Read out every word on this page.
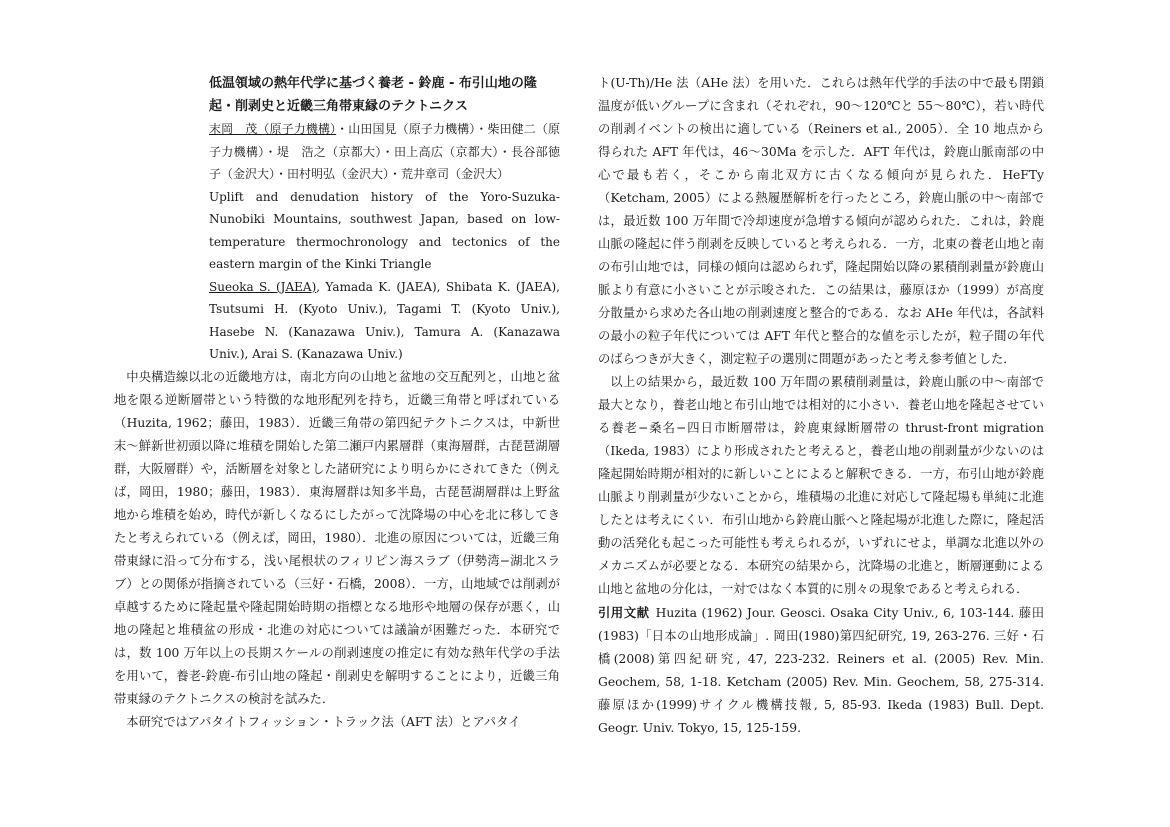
低温領域の熱年代学に基づく養老 - 鈴鹿 - 布引山地の隆起・削剥史と近畿三角帯東縁のテクトニクス

末岡　茂（原子力機構）・山田国見（原子力機構）・柴田健二（原子力機構）・堤　浩之（京都大）・田上高広（京都大）・長谷部徳子（金沢大）・田村明弘（金沢大）・荒井章司（金沢大）

Uplift and denudation history of the Yoro-Suzuka-Nunobiki Mountains, southwest Japan, based on low-temperature thermochronology and tectonics of the eastern margin of the Kinki Triangle

Sueoka S. (JAEA), Yamada K. (JAEA), Shibata K. (JAEA), Tsutsumi H. (Kyoto Univ.), Tagami T. (Kyoto Univ.), Hasebe N. (Kanazawa Univ.), Tamura A. (Kanazawa Univ.), Arai S. (Kanazawa Univ.)

中央構造線以北の近畿地方は，南北方向の山地と盆地の交互配列と，山地と盆地を限る逆断層帯という特徴的な地形配列を持ち，近畿三角帯と呼ばれている（Huzita, 1962；藤田，1983）．近畿三角帯の第四紀テクトニクスは，中新世末〜鮮新世初頭以降に堆積を開始した第二瀬戸内累層群（東海層群，古琵琶湖層群，大阪層群）や，活断層を対象とした諸研究により明らかにされてきた（例えば，岡田，1980；藤田，1983）．東海層群は知多半島，古琵琶湖層群は上野盆地から堆積を始め，時代が新しくなるにしたがって沈降場の中心を北に移してきたと考えられている（例えば，岡田，1980）．北進の原因については，近畿三角帯東縁に沿って分布する，浅い尾根状のフィリピン海スラブ（伊勢湾−湖北スラブ）との関係が指摘されている（三好・石橋，2008）．一方，山地域では削剥が卓越するために隆起量や隆起開始時期の指標となる地形や地層の保存が悪く，山地の隆起と堆積盆の形成・北進の対応については議論が困難だった．本研究では，数 100 万年以上の長期スケールの削剥速度の推定に有効な熱年代学の手法を用いて，養老‐鈴鹿‐布引山地の隆起・削剥史を解明することにより，近畿三角帯東縁のテクトニクスの検討を試みた．

本研究ではアパタイトフィッション・トラック法（AFT 法）とアパタイ

ト(U-Th)/He 法（AHe 法）を用いた．これらは熱年代学的手法の中で最も閉鎖温度が低いグループに含まれ（それぞれ，90〜120℃と 55〜80℃），若い時代の削剥イベントの検出に適している（Reiners et al., 2005）．全 10 地点から得られた AFT 年代は，46〜30Ma を示した．AFT 年代は，鈴鹿山脈南部の中心で最も若く，そこから南北双方に古くなる傾向が見られた．HeFTy（Ketcham, 2005）による熱履歴解析を行ったところ，鈴鹿山脈の中〜南部では，最近数 100 万年間で冷却速度が急増する傾向が認められた．これは，鈴鹿山脈の隆起に伴う削剥を反映していると考えられる．一方，北東の養老山地と南の布引山地では，同様の傾向は認められず，隆起開始以降の累積削剥量が鈴鹿山脈より有意に小さいことが示唆された．この結果は，藤原ほか（1999）が高度分散量から求めた各山地の削剥速度と整合的である．なお AHe 年代は，各試料の最小の粒子年代については AFT 年代と整合的な値を示したが，粒子間の年代のばらつきが大きく，測定粒子の選別に問題があったと考え参考値とした．

以上の結果から，最近数 100 万年間の累積削剥量は，鈴鹿山脈の中〜南部で最大となり，養老山地と布引山地では相対的に小さい．養老山地を隆起させている養老−桑名−四日市断層帯は，鈴鹿東縁断層帯の thrust-front migration（Ikeda, 1983）により形成されたと考えると，養老山地の削剥量が少ないのは隆起開始時期が相対的に新しいことによると解釈できる．一方，布引山地が鈴鹿山脈より削剥量が少ないことから，堆積場の北進に対応して隆起場も単純に北進したとは考えにくい．布引山地から鈴鹿山脈へと隆起場が北進した際に，隆起活動の活発化も起こった可能性も考えられるが，いずれにせよ，単調な北進以外のメカニズムが必要となる．本研究の結果から，沈降場の北進と，断層運動による山地と盆地の分化は，一対ではなく本質的に別々の現象であると考えられる．

引用文献 Huzita (1962) Jour. Geosci. Osaka City Univ., 6, 103-144. 藤田(1983)「日本の山地形成論」. 岡田(1980)第四紀研究, 19, 263-276. 三好・石橋(2008)第四紀研究, 47, 223-232. Reiners et al. (2005) Rev. Min. Geochem, 58, 1-18. Ketcham (2005) Rev. Min. Geochem, 58, 275-314. 藤原ほか(1999)サイクル機構技報, 5, 85-93. Ikeda (1983) Bull. Dept. Geogr. Univ. Tokyo, 15, 125-159.
